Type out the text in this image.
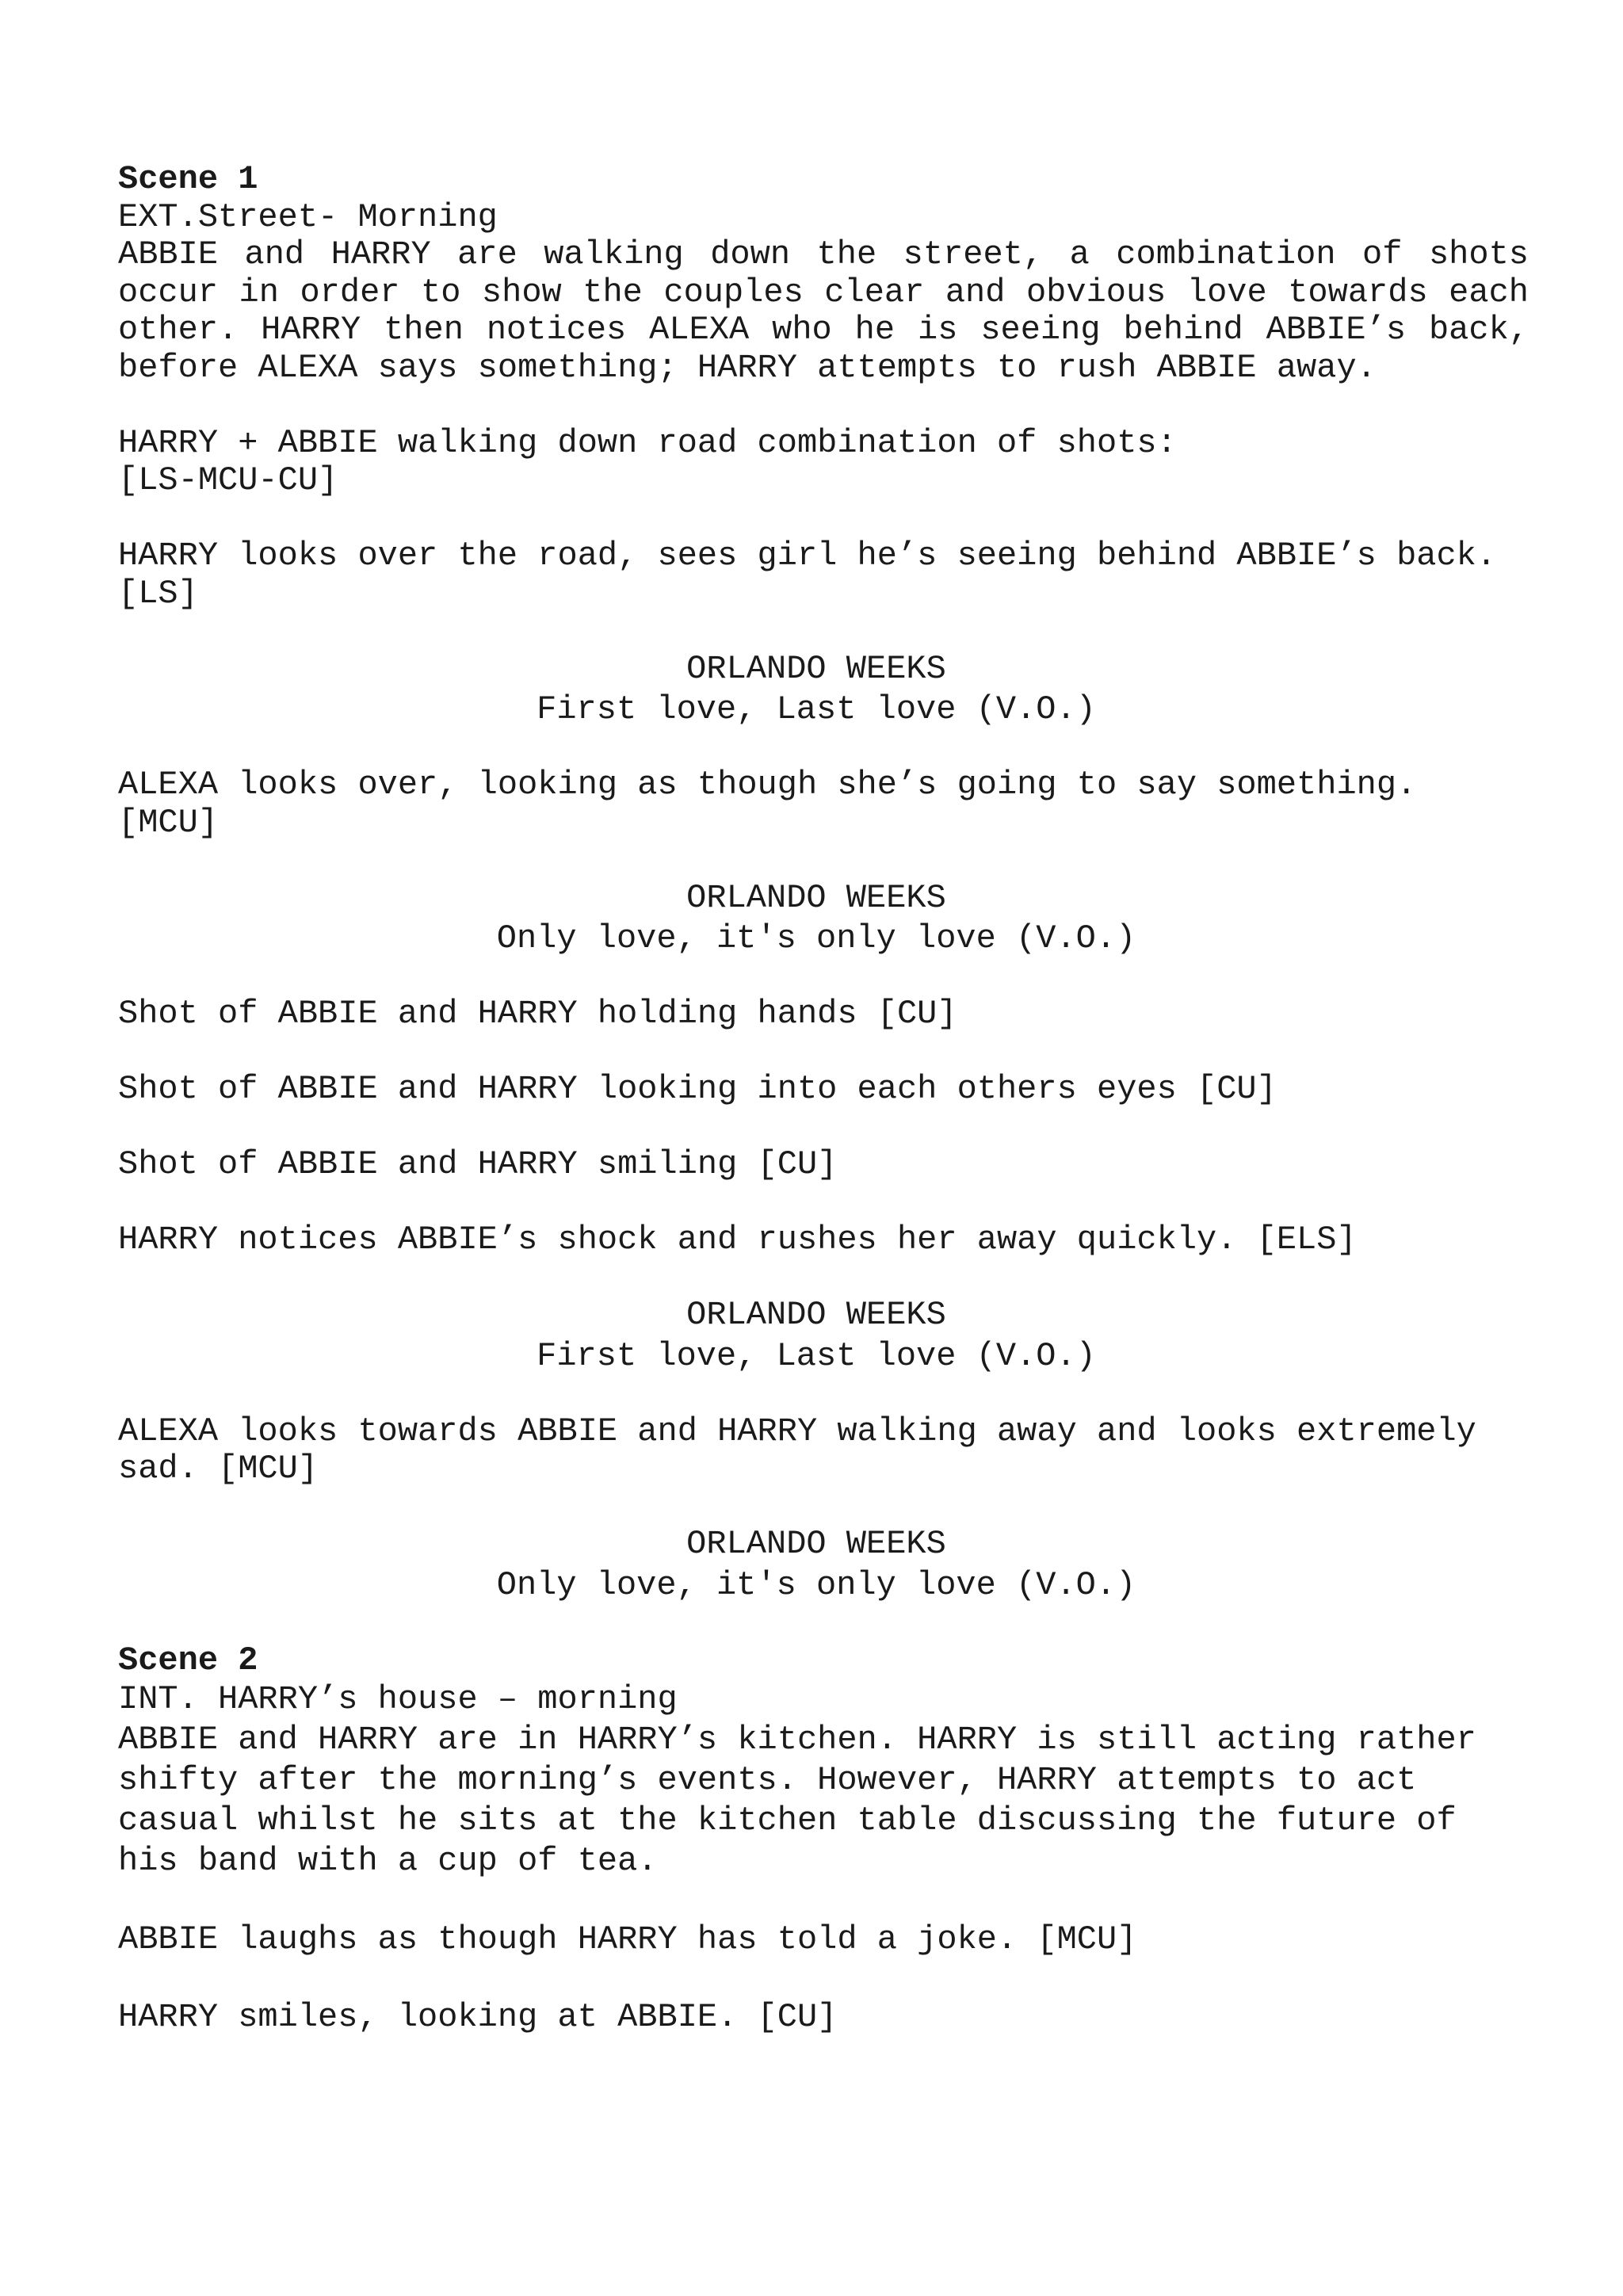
Scene 1

EXT.Street- Morning

ABBIE and HARRY are walking down the street, a combination of shots occur in order to show the couples clear and obvious love towards each other. HARRY then notices ALEXA who he is seeing behind ABBIE’s back, before ALEXA says something; HARRY attempts to rush ABBIE away.

HARRY + ABBIE walking down road combination of shots:

[LS-MCU-CU]

HARRY looks over the road, sees girl he’s seeing behind ABBIE’s back.

[LS]

ORLANDO WEEKS
First love, Last love (V.O.)

ALEXA looks over, looking as though she’s going to say something.

[MCU]

ORLANDO WEEKS
Only love, it's only love (V.O.)

Shot of ABBIE and HARRY holding hands [CU]

Shot of ABBIE and HARRY looking into each others eyes [CU]

Shot of ABBIE and HARRY smiling [CU]

HARRY notices ABBIE’s shock and rushes her away quickly. [ELS]

ORLANDO WEEKS
First love, Last love (V.O.)

ALEXA looks towards ABBIE and HARRY walking away and looks extremely

sad. [MCU]

ORLANDO WEEKS
Only love, it's only love (V.O.)

Scene 2

INT. HARRY’s house – morning

ABBIE and HARRY are in HARRY’s kitchen. HARRY is still acting rather

shifty after the morning’s events. However, HARRY attempts to act

casual whilst he sits at the kitchen table discussing the future of

his band with a cup of tea.

ABBIE laughs as though HARRY has told a joke. [MCU]

HARRY smiles, looking at ABBIE. [CU]
